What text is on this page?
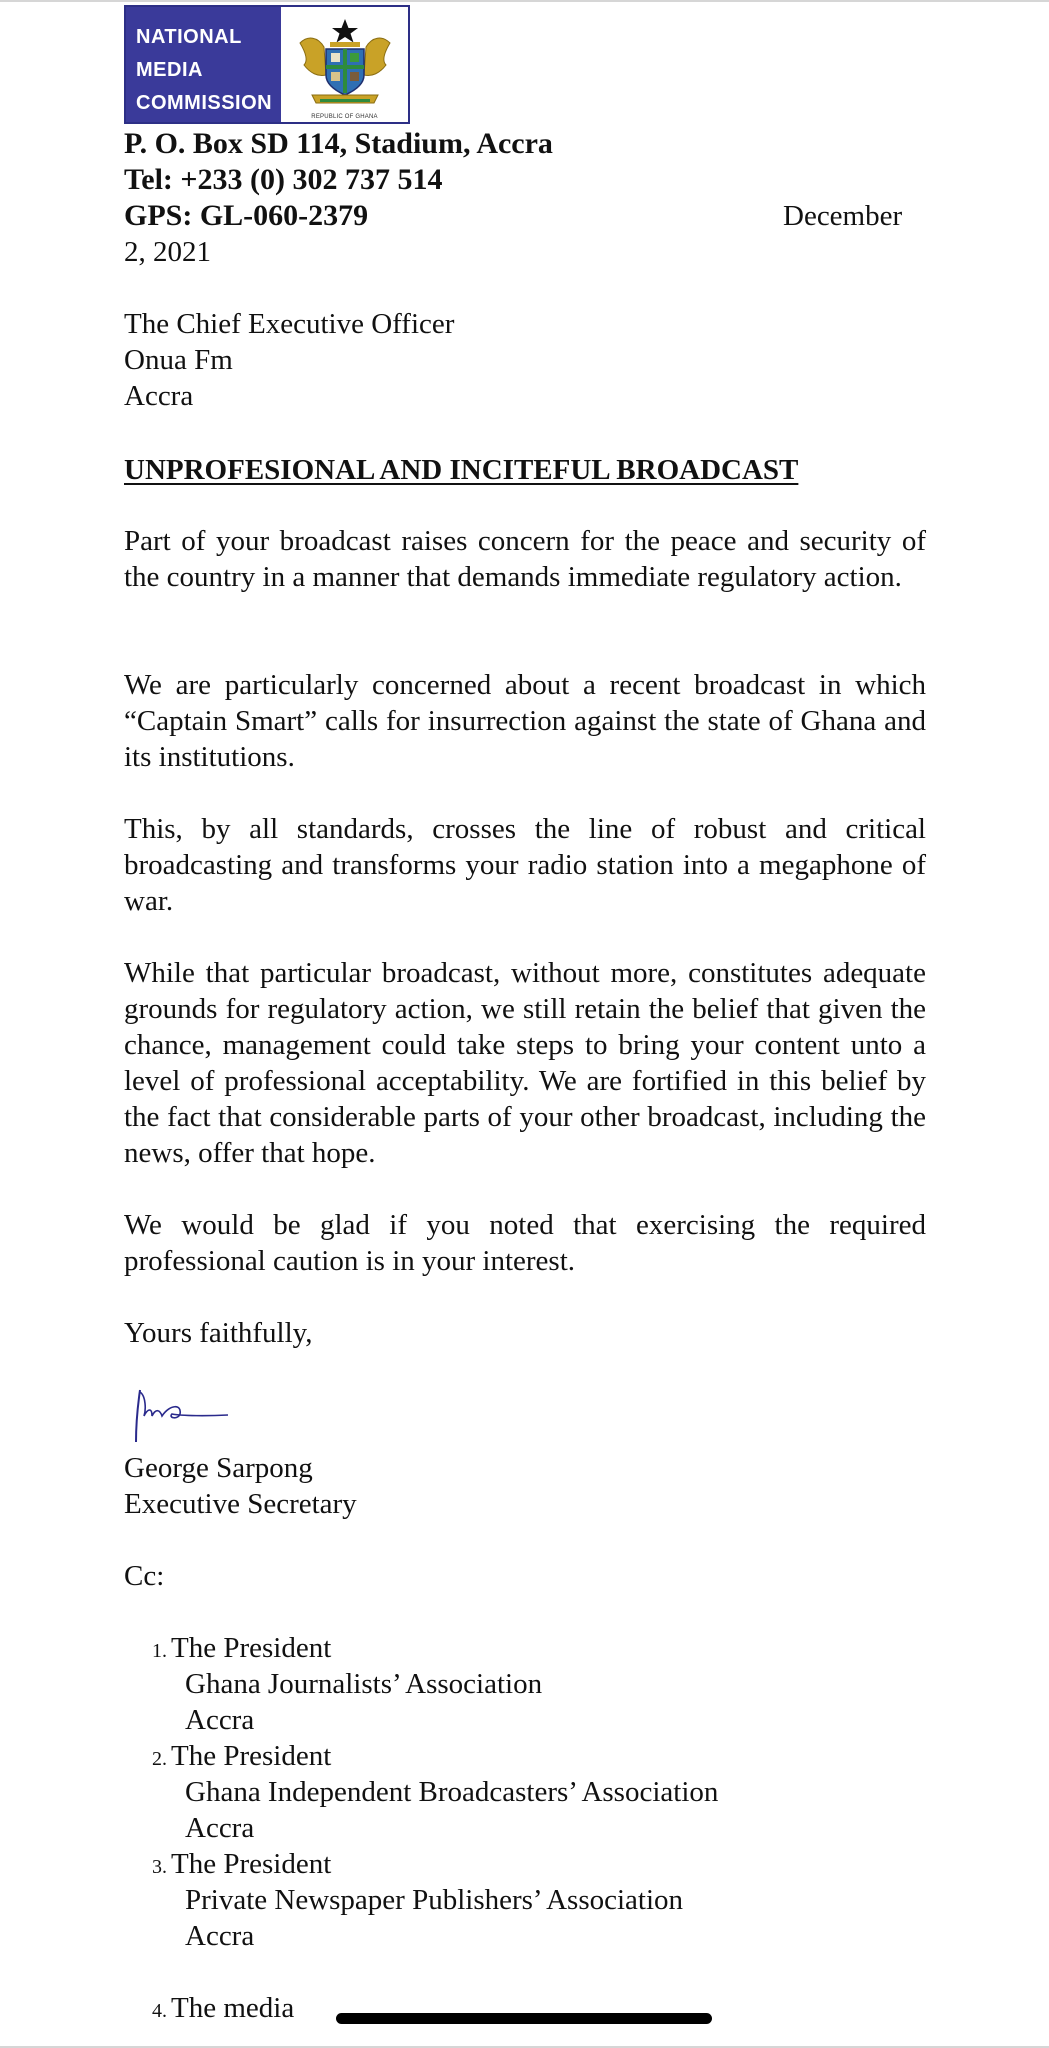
NATIONAL
MEDIA
COMMISSION
REPUBLIC OF GHANA
P. O. Box SD 114, Stadium, Accra
Tel: +233 (0) 302 737 514
GPS: GL-060-2379	December
2, 2021
The Chief Executive Officer
Onua Fm
Accra
UNPROFESIONAL AND INCITEFUL BROADCAST

Part of your broadcast raises concern for the peace and security of the country in a manner that demands immediate regulatory action.

We are particularly concerned about a recent broadcast in which “Captain Smart” calls for insurrection against the state of Ghana and its institutions.

This, by all standards, crosses the line of robust and critical broadcasting and transforms your radio station into a megaphone of war.

While that particular broadcast, without more, constitutes adequate grounds for regulatory action, we still retain the belief that given the chance, management could take steps to bring your content unto a level of professional acceptability. We are fortified in this belief by the fact that considerable parts of your other broadcast, including the news, offer that hope.

We would be glad if you noted that exercising the required professional caution is in your interest.

Yours faithfully,
George Sarpong
Executive Secretary
Cc:
1. The President
Ghana Journalists’ Association
Accra
2. The President
Ghana Independent Broadcasters’ Association
Accra
3. The President
Private Newspaper Publishers’ Association
Accra
4. The media
